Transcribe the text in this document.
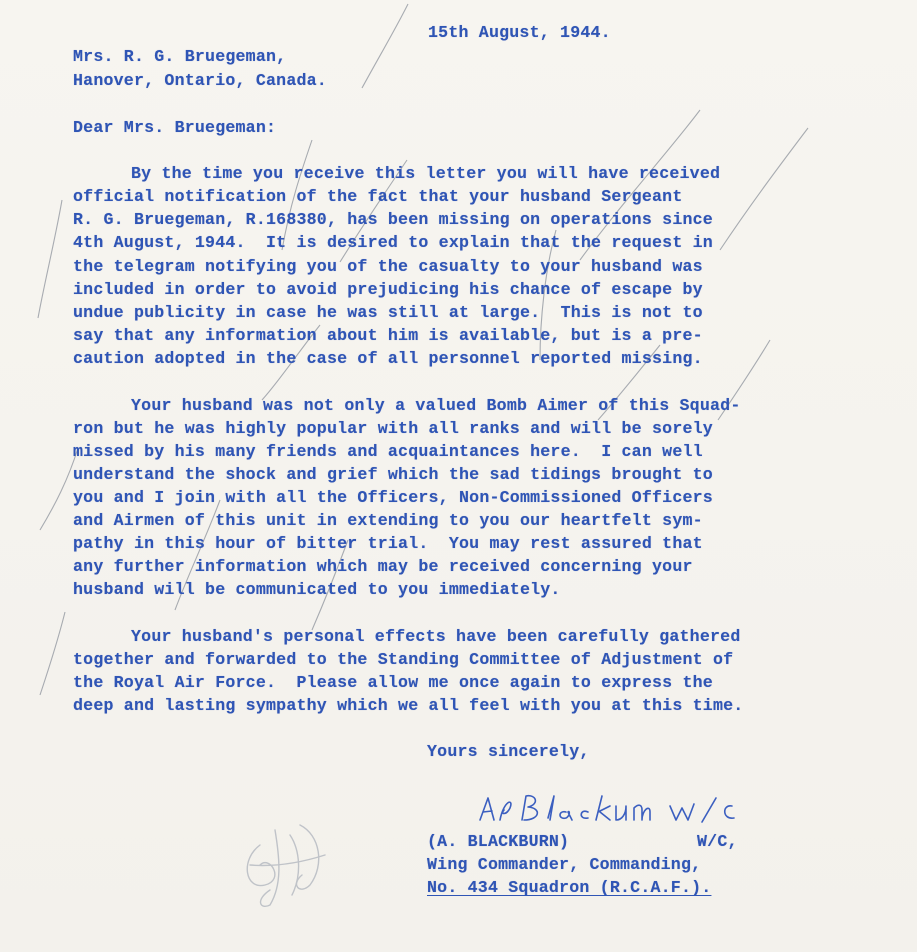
15th August, 1944.
Mrs. R. G. Bruegeman,
Hanover, Ontario, Canada.
Dear Mrs. Bruegeman:
By the time you receive this letter you will have received
official notification of the fact that your husband Sergeant
R. G. Bruegeman, R.168380, has been missing on operations since
4th August, 1944.  It is desired to explain that the request in
the telegram notifying you of the casualty to your husband was
included in order to avoid prejudicing his chance of escape by
undue publicity in case he was still at large.  This is not to
say that any information about him is available, but is a pre-
caution adopted in the case of all personnel reported missing.
Your husband was not only a valued Bomb Aimer of this Squad-
ron but he was highly popular with all ranks and will be sorely
missed by his many friends and acquaintances here.  I can well
understand the shock and grief which the sad tidings brought to
you and I join with all the Officers, Non-Commissioned Officers
and Airmen of this unit in extending to you our heartfelt sym-
pathy in this hour of bitter trial.  You may rest assured that
any further information which may be received concerning your
husband will be communicated to you immediately.
Your husband's personal effects have been carefully gathered
together and forwarded to the Standing Committee of Adjustment of
the Royal Air Force.  Please allow me once again to express the
deep and lasting sympathy which we all feel with you at this time.
Yours sincerely,
(A. BLACKBURN)	W/C,
Wing Commander, Commanding,
No. 434 Squadron (R.C.A.F.).
